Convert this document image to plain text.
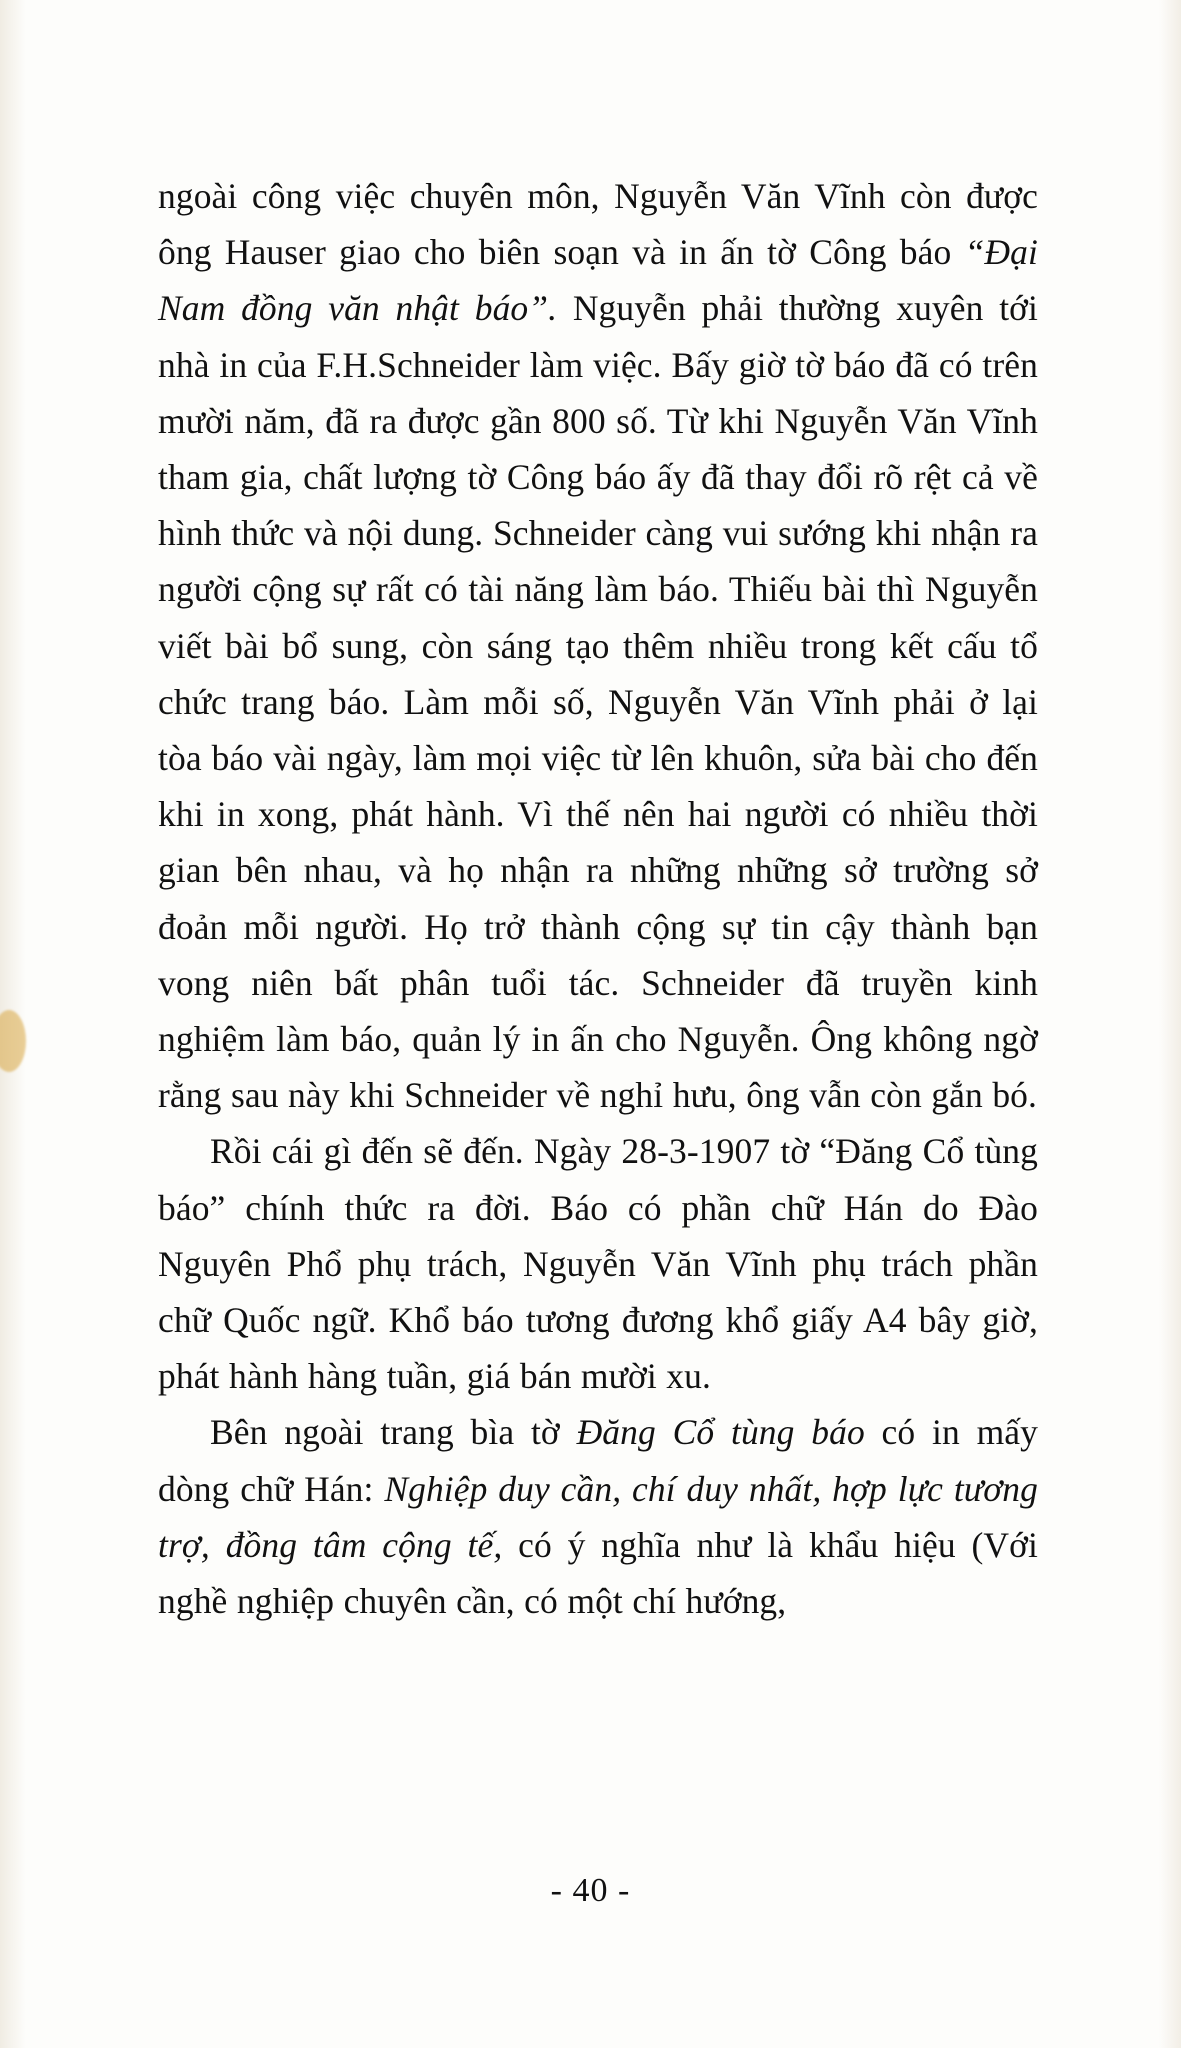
ngoài công việc chuyên môn, Nguyễn Văn Vĩnh còn được ông Hauser giao cho biên soạn và in ấn tờ Công báo “Đại Nam đồng văn nhật báo”. Nguyễn phải thường xuyên tới nhà in của F.H.Schneider làm việc. Bấy giờ tờ báo đã có trên mười năm, đã ra được gần 800 số. Từ khi Nguyễn Văn Vĩnh tham gia, chất lượng tờ Công báo ấy đã thay đổi rõ rệt cả về hình thức và nội dung. Schneider càng vui sướng khi nhận ra người cộng sự rất có tài năng làm báo. Thiếu bài thì Nguyễn viết bài bổ sung, còn sáng tạo thêm nhiều trong kết cấu tổ chức trang báo. Làm mỗi số, Nguyễn Văn Vĩnh phải ở lại tòa báo vài ngày, làm mọi việc từ lên khuôn, sửa bài cho đến khi in xong, phát hành. Vì thế nên hai người có nhiều thời gian bên nhau, và họ nhận ra những những sở trường sở đoản mỗi người. Họ trở thành cộng sự tin cậy thành bạn vong niên bất phân tuổi tác. Schneider đã truyền kinh nghiệm làm báo, quản lý in ấn cho Nguyễn. Ông không ngờ rằng sau này khi Schneider về nghỉ hưu, ông vẫn còn gắn bó.

Rồi cái gì đến sẽ đến. Ngày 28-3-1907 tờ “Đăng Cổ tùng báo” chính thức ra đời. Báo có phần chữ Hán do Đào Nguyên Phổ phụ trách, Nguyễn Văn Vĩnh phụ trách phần chữ Quốc ngữ. Khổ báo tương đương khổ giấy A4 bây giờ, phát hành hàng tuần, giá bán mười xu.

Bên ngoài trang bìa tờ Đăng Cổ tùng báo có in mấy dòng chữ Hán: Nghiệp duy cần, chí duy nhất, hợp lực tương trợ, đồng tâm cộng tế, có ý nghĩa như là khẩu hiệu (Với nghề nghiệp chuyên cần, có một chí hướng,

- 40 -
